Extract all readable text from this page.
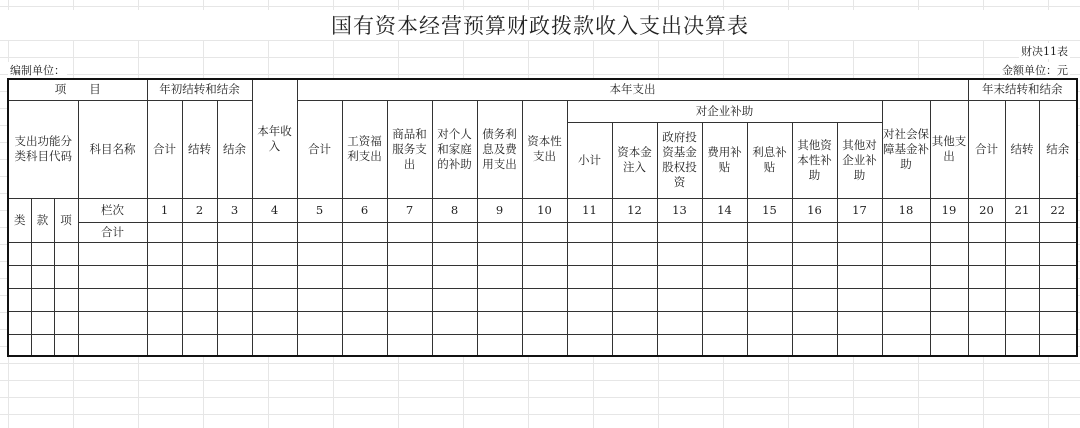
国有资本经营预算财政拨款收入支出决算表
财决11表
编制单位：	金额单位：元
项　　目				年初结转和结余			本年收入	本年支出															年末结转和结余		
支出功能分类科目代码			科目名称	合计	结转	结余		合计	工资福利支出	商品和服务支出	对个人和家庭的补助	债务利息及费用支出	资本性支出	对企业补助							对社会保障基金补助	其他支出	合计	结转	结余
														小计	资本金注入	政府投资基金股权投资	费用补贴	利息补贴	其他资本性补助	其他对企业补助					
类	款	项	栏次	1	2	3	4	5	6	7	8	9	10	11	12	13	14	15	16	17	18	19	20	21	22
			合计																						
